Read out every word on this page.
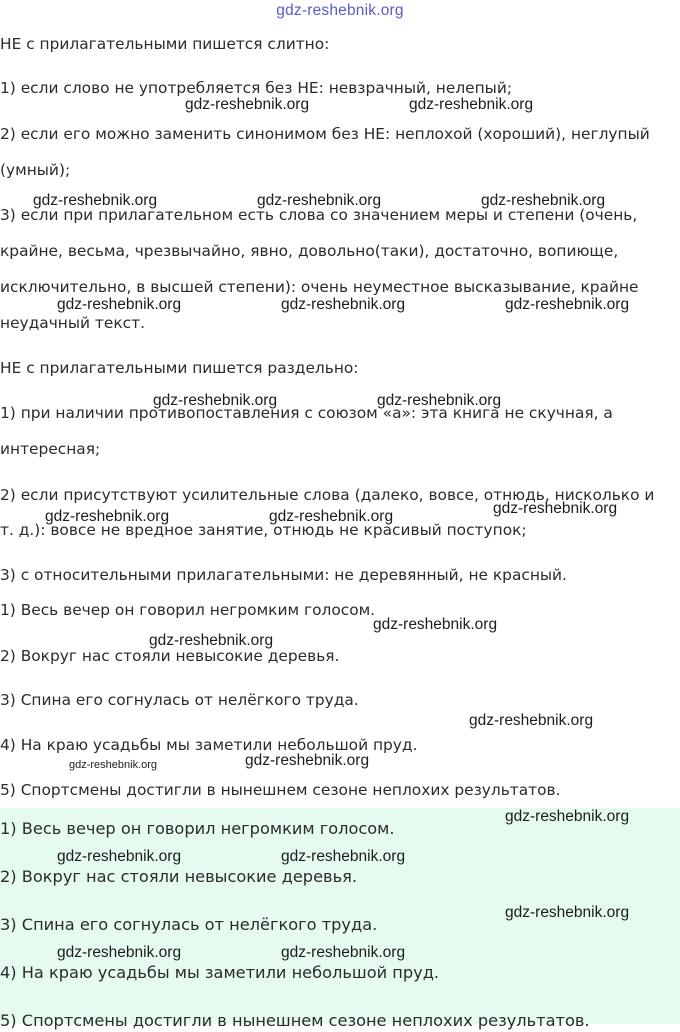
gdz-reshebnik.org
НЕ с прилагательными пишется слитно:
1) если слово не употребляется без НЕ: невзрачный, нелепый;
2) если его можно заменить синонимом без НЕ: неплохой (хороший), неглупый
(умный);
3) если при прилагательном есть слова со значением меры и степени (очень,
крайне, весьма, чрезвычайно, явно, довольно(таки), достаточно, вопиюще,
исключительно, в высшей степени): очень неуместное высказывание, крайне
неудачный текст.
НЕ с прилагательными пишется раздельно:
1) при наличии противопоставления с союзом «а»: эта книга не скучная, а
интересная;
2) если присутствуют усилительные слова (далеко, вовсе, отнюдь, нисколько и
т. д.): вовсе не вредное занятие, отнюдь не красивый поступок;
3) с относительными прилагательными: не деревянный, не красный.
1) Весь вечер он говорил негромким голосом.
2) Вокруг нас стояли невысокие деревья.
3) Спина его согнулась от нелёгкого труда.
4) На краю усадьбы мы заметили небольшой пруд.
5) Спортсмены достигли в нынешнем сезоне неплохих результатов.
1) Весь вечер он говорил негромким голосом.
2) Вокруг нас стояли невысокие деревья.
3) Спина его согнулась от нелёгкого труда.
4) На краю усадьбы мы заметили небольшой пруд.
5) Спортсмены достигли в нынешнем сезоне неплохих результатов.
gdz-reshebnik.org	gdz-reshebnik.org
gdz-reshebnik.org	gdz-reshebnik.org	gdz-reshebnik.org
gdz-reshebnik.org	gdz-reshebnik.org	gdz-reshebnik.org
gdz-reshebnik.org	gdz-reshebnik.org
gdz-reshebnik.org
gdz-reshebnik.org	gdz-reshebnik.org
gdz-reshebnik.org
gdz-reshebnik.org
gdz-reshebnik.org
gdz-reshebnik.org	gdz-reshebnik.org
gdz-reshebnik.org
gdz-reshebnik.org	gdz-reshebnik.org
gdz-reshebnik.org
gdz-reshebnik.org	gdz-reshebnik.org
